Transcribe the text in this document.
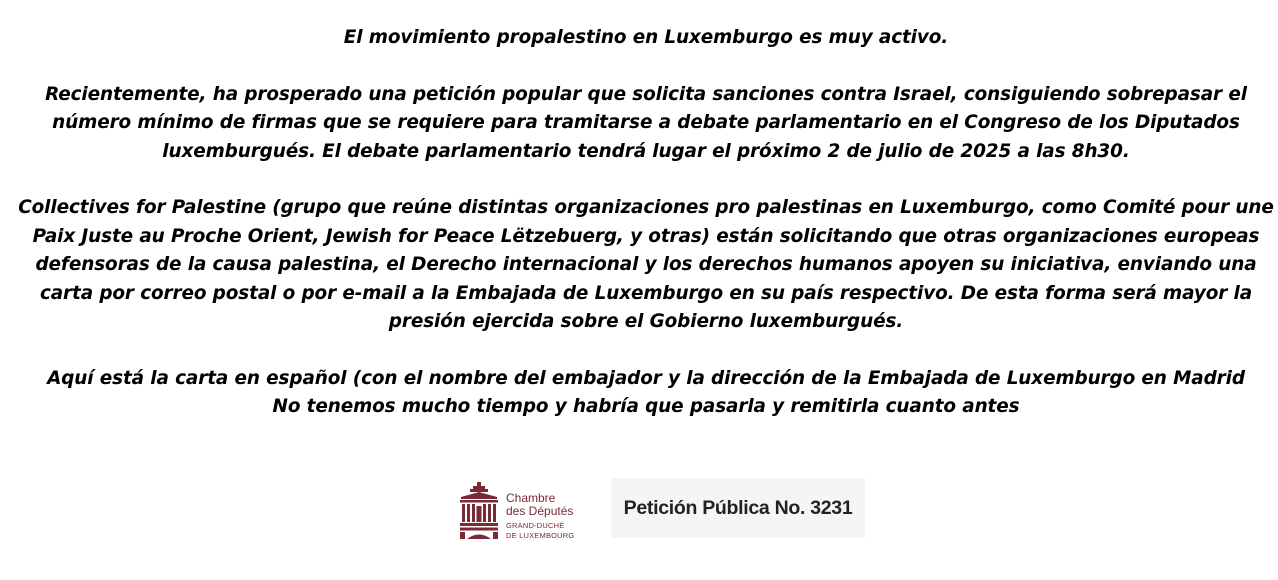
El movimiento propalestino en Luxemburgo es muy activo.

Recientemente, ha prosperado una petición popular que solicita sanciones contra Israel, consiguiendo sobrepasar el número mínimo de firmas que se requiere para tramitarse a debate parlamentario en el Congreso de los Diputados luxemburgués. El debate parlamentario tendrá lugar el próximo 2 de julio de 2025 a las 8h30.

Collectives for Palestine (grupo que reúne distintas organizaciones pro palestinas en Luxemburgo, como Comité pour une Paix Juste au Proche Orient, Jewish for Peace Lëtzebuerg, y otras) están solicitando que otras organizaciones europeas defensoras de la causa palestina, el Derecho internacional y los derechos humanos apoyen su iniciativa, enviando una carta por correo postal o por e-mail a la Embajada de Luxemburgo en su país respectivo. De esta forma será mayor la presión ejercida sobre el Gobierno luxemburgués.

Aquí está la carta en español (con el nombre del embajador y la dirección de la Embajada de Luxemburgo en Madrid
No tenemos mucho tiempo y habría que pasarla y remitirla cuanto antes

Chambre
des Députés
GRAND-DUCHÉ
DE LUXEMBOURG
Petición Pública No. 3231
